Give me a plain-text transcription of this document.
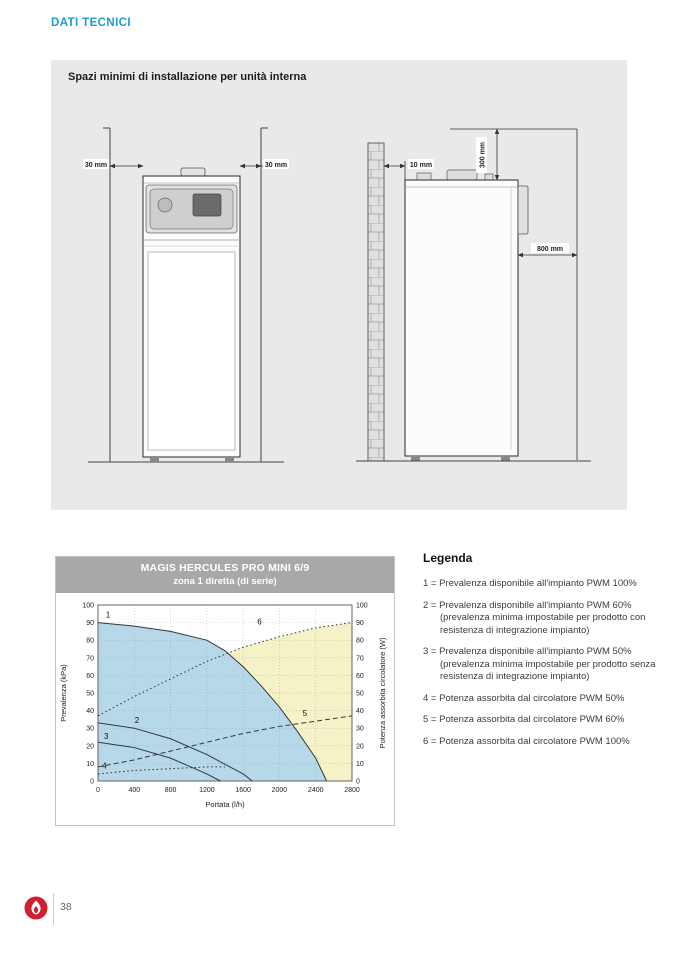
DATI TECNICI
Spazi minimi di installazione per unità interna
30 mm	30 mm	10 mm	300 mm
800 mm
MAGIS HERCULES PRO MINI 6/9
zona 1 diretta (di serie)
0	400	800	1200	1600	2000	2400	2800
0	0
10	10
20	20
30	30
40	40
50	50
60	60
70	70
80	80
90	90
100	100
Portata (l/h)
Prevalenza (kPa)	Potenza assorbita circolatore (W)
1
2
3
4
5
6

Legenda

1 = Prevalenza disponibile all'impianto PWM 100%
2 = Prevalenza disponibile all'impianto PWM 60% (prevalenza minima impostabile per prodotto con resistenza di integrazione impianto)
3 = Prevalenza disponibile all'impianto PWM 50% (prevalenza minima impostabile per prodotto senza resistenza di integrazione impianto)
4 = Potenza assorbita dal circolatore PWM 50%
5 = Potenza assorbita dal circolatore PWM 60%
6 = Potenza assorbita dal circolatore PWM 100%
38
